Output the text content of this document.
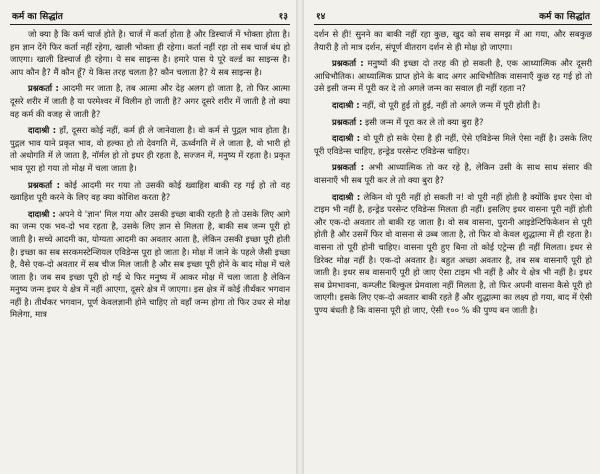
कर्म का सिद्धांत	१३

जो क्या है कि कर्म चार्ज होते है। चार्ज में कर्ता होता है और डिस्चार्ज में भोक्ता होता है। हम ज्ञान देंगे फिर कर्ता नहीं रहेगा, खाली भोक्ता ही रहेगा। कर्ता नहीं रहा तो सब चार्ज बंध हो जाएगा। खाली डिस्चार्ज ही रहेगा। ये सब साइन्स है। हमारे पास ये पूरे वर्ल्ड का साइन्स है। आप कौन है? मैं कौन हूँ? ये किस तरह चलता है? कौन चलाता है? ये सब साइन्स है।

प्रश्नकर्ता : आदमी मर जाता है, तब आत्मा और देह अलग हो जाता है, तो फिर आत्मा दूसरे शरीर में जाती है या परमेश्वर में विलीन हो जाती है? अगर दूसरे शरीर में जाती है तो क्या वह कर्म की वजह से जाती है?

दादाश्री : हाँ, दूसरा कोई नहीं, कर्म ही ले जानेवाला है। वो कर्म से पुद्गल भाव होता है। पुद्गल भाव याने प्रकृत भाव, वो हल्का हो तो देवगति में, ऊर्ध्वगति में ले जाता है, वो भारी हो तो अधोगति में ले जाता है, नॉर्मल हो तो इधर ही रहता है, सज्जन में, मनुष्य में रहता है। प्रकृत भाव पूरा हो गया तो मोक्ष में चला जाता है।

प्रश्नकर्ता : कोई आदमी मर गया तो उसकी कोई ख्वाहिश बाकी रह गई हो तो वह ख्वाहिश पूरी करने के लिए वह क्या कोशिश करता है?

दादाश्री : अपने ये 'ज्ञान' मिल गया और उसकी इच्छा बाकी रहती है तो उसके लिए आगे का जन्म एक भव-दो भव रहता है, उसके लिए ज्ञान से मिलता है, बाकी सब जन्म पूरी हो जाती है। सच्चे आदमी का, योग्यता आदमी का अवतार आता है, लेकिन उसकी इच्छा पूरी होती है। इच्छा का सब सरकमस्टेन्शियल एविडेन्स पूरा हो जाता है। मोक्ष में जाने के पहले जैसी इच्छा है, वैसे एक-दो अवतार में सब चीज मिल जाती है और सब इच्छा पूरी होने के बाद मोक्ष में चले जाता है। जब सब इच्छा पूरी हो गई थे फिर मनुष्य में आकर मोक्ष में चला जाता है लेकिन मनुष्य जन्म इधर ये क्षेत्र में नहीं आएगा, दूसरे क्षेत्र में जाएगा। इस क्षेत्र में कोई तीर्थंकर भगवान नहीं है। तीर्थंकर भगवान, पूर्ण केवलज्ञानी होने चाहिए तो वहाँ जन्म होगा तो फिर उधर से मोक्ष मिलेगा, मात्र

१४	कर्म का सिद्धांत

दर्शन से ही! सुनने का बाकी नहीं रहा कुछ, खुद को सब समझ में आ गया, और सबकुछ तैयारी है तो मात्र दर्शन, संपूर्ण वीतराग दर्शन से ही मोक्ष हो जाएगा।

प्रश्नकर्ता : मनुष्यों की इच्छा दो तरह की हो सकती है, एक आध्यात्मिक और दूसरी आधिभौतिक। आध्यात्मिक प्राप्त होने के बाद अगर आधिभौतिक वासनाएँ कुछ रह गई हो तो उसे इसी जन्म में पूरी कर दे तो अगले जन्म का सवाल ही नहीं रहता न?

दादाश्री : नहीं, वो पूरी हुई तो हुई, नहीं तो अगले जन्म में पूरी होती है।

प्रश्नकर्ता : इसी जन्म में पूरा कर ले तो क्या बुरा है?

दादाश्री : वो पूरी हो सके ऐसा है ही नहीं, ऐसे एविडेन्स मिले ऐसा नहीं है। उसके लिए पूरी एविडेन्स चाहिए, हन्ड्रेड परसेन्ट एविडेन्स चाहिए।

प्रश्नकर्ता : अभी आध्यात्मिक तो कर रहे है, लेकिन उसी के साथ साथ संसार की वासनाएँ भी सब पूरी कर ले तो क्या बुरा है?

दादाश्री : लेकिन वो पूरी नहीं हो सकती न! वो पूरी नहीं होती है क्योंकि इधर ऐसा वो टाइम भी नहीं है, हन्ड्रेड परसेन्ट एविडेन्स मिलता ही नहीं। इसलिए इधर वासना पूरी नहीं होती और एक-दो अवतार तो बाकी रह जाता है। वो सब वासना, पुरानी आइडेन्टिफिकेशन से पूरी होती है और उसमें फिर वो वासना से उब्ब जाता है, तो फिर वो केवल शुद्धात्मा में ही रहता है। वासना तो पूरी होनी चाहिए। वासना पूरी हुए बिना तो कोई एट्रेन्स ही नहीं मिलता। इधर से डिरेक्ट मोक्ष नहीं है। एक-दो अवतार है। बहुत अच्छा अवतार है, तब सब वासनाएँ पूरी हो जाती है। इधर सब वासनाएँ पूरी हो जाए ऐसा टाइम भी नहीं है और ये क्षेत्र भी नहीं है। इधर सब प्रेमभावना, कम्प्लीट बिल्कुल प्रेमवाला नहीं मिलता है, तो फिर अपनी वासना कैसे पूरी हो जाएगी। इसके लिए एक-दो अवतार बाकी रहते हैं और शुद्धात्मा का लक्ष्य हो गया, बाद में ऐसी पुण्य बंधती है कि वासना पूरी हो जाए, ऐसी १०० % की पुण्य बन जाती है।
